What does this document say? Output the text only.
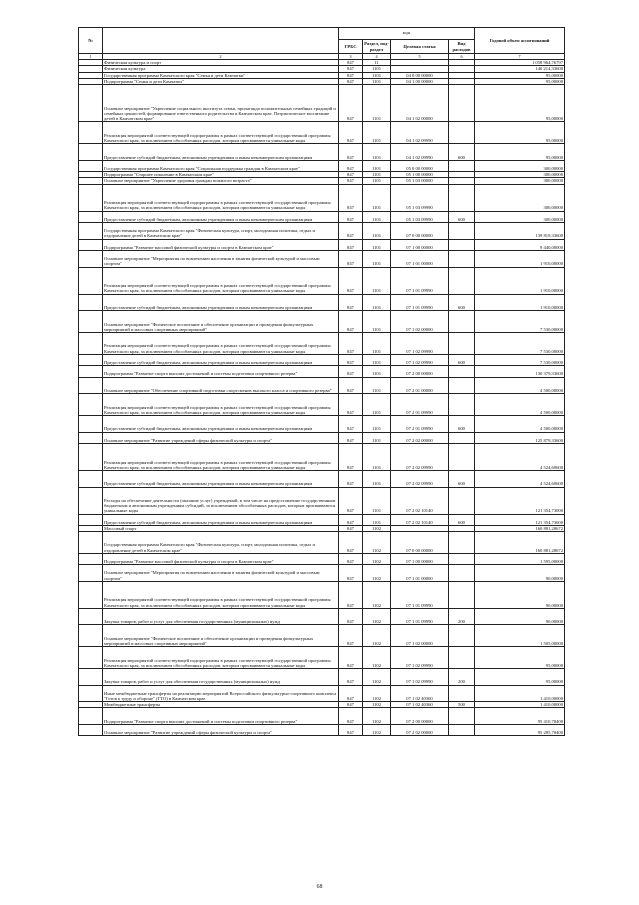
№		коды				Годовой объем ассигнований
		ГРБС	Раздел, под-раздел	Целевая статья	Вид расходов	
1	2	3	4	5	6	7
	Физическая культура и спорт	847	11			1 058 964,76797
	Физическая культура	847	1101			140 214,33600
	Государственная программа Камчатского края "Семья и дети Камчатки"	847	1101	04 0 00 00000		95,00000
	Подпрограмма "Семья и дети Камчатки"	847	1101	04 1 00 00000		95,00000
	Основное мероприятие "Укрепление социального института семьи, пропаганда положительных семейных традиций и семейных ценностей, формирование ответственного родительства в Камчатском крае. Патриотическое воспитание детей в Камчатском крае"	847	1101	04 1 02 00000		95,00000
	Реализация мероприятий соответствующей подпрограммы в рамках соответствующей государственной программы Камчатского края, за исключением обособленных расходов, которым присваиваются уникальные коды	847	1101	04 1 02 09990		95,00000
	Предоставление субсидий бюджетным, автономным учреждениям и иным некоммерческим организациям	847	1101	04 1 02 09990	600	95,00000
	Государственная программа Камчатского края "Социальная поддержка граждан в Камчатском крае"	847	1101	05 0 00 00000		300,00000
	Подпрограмма "Старшее поколение в Камчатском крае"	847	1101	05 1 00 00000		300,00000
	Основное мероприятие "Укрепление здоровья граждан пожилого возраста"	847	1101	05 1 03 00000		300,00000
	Реализация мероприятий соответствующей подпрограммы в рамках соответствующей государственной программы Камчатского края, за исключением обособленных расходов, которым присваиваются уникальные коды	847	1101	05 1 03 09990		300,00000
	Предоставление субсидий бюджетным, автономным учреждениям и иным некоммерческим организациям	847	1101	05 1 03 09990	600	300,00000
	Государственная программа Камчатского края "Физическая культура, спорт, молодежная политика, отдых и оздоровление детей в Камчатском крае"	847	1101	07 0 00 00000		139 819,33600
	Подпрограмма "Развитие массовой физической культуры и спорта в Камчатском крае"	847	1101	07 1 00 00000		9 440,00000
	Основное мероприятие "Мероприятия по вовлечению населения в занятия физической культурой и массовым спортом"	847	1101	07 1 01 00000		1 910,00000
	Реализация мероприятий соответствующей подпрограммы в рамках соответствующей государственной программы Камчатского края, за исключением обособленных расходов, которым присваиваются уникальные коды	847	1101	07 1 01 09990		1 910,00000
	Предоставление субсидий бюджетным, автономным учреждениям и иным некоммерческим организациям	847	1101	07 1 01 09990	600	1 910,00000
	Основное мероприятие "Физическое воспитание и обеспечение организации и проведения физкультурных мероприятий и массовых спортивных мероприятий"	847	1101	07 1 02 00000		7 530,00000
	Реализация мероприятий соответствующей подпрограммы в рамках соответствующей государственной программы Камчатского края, за исключением обособленных расходов, которым присваиваются уникальные коды	847	1101	07 1 02 09990		7 530,00000
	Предоставление субсидий бюджетным, автономным учреждениям и иным некоммерческим организациям	847	1101	07 1 02 09990	600	7 530,00000
	Подпрограмма "Развитие спорта высших достижений и системы подготовки спортивного резерва"	847	1101	07 2 00 00000		130 379,33600
	Основное мероприятие "Обеспечение спортивной подготовки спортсменов высокого класса и спортивного резерва"	847	1101	07 2 01 00000		4 500,00000
	Реализация мероприятий соответствующей подпрограммы в рамках соответствующей государственной программы Камчатского края, за исключением обособленных расходов, которым присваиваются уникальные коды	847	1101	07 2 01 09990		4 500,00000
	Предоставление субсидий бюджетным, автономным учреждениям и иным некоммерческим организациям	847	1101	07 2 01 09990	600	4 500,00000
	Основное мероприятие "Развитие учреждений сферы физической культуры и спорта"	847	1101	07 2 02 00000		125 879,33600
	Реализация мероприятий соответствующей подпрограммы в рамках соответствующей государственной программы Камчатского края, за исключением обособленных расходов, которым присваиваются уникальные коды	847	1101	07 2 02 09990		4 524,60600
	Предоставление субсидий бюджетным, автономным учреждениям и иным некоммерческим организациям	847	1101	07 2 02 09990	600	4 524,60600
	Расходы на обеспечение деятельности (оказание услуг) учреждений, в том числе на предоставление государственным бюджетным и автономным учреждениям субсидий, за исключением обособленных расходов, которым присваиваются уникальные коды	847	1101	07 2 02 10140		121 354,73000
	Предоставление субсидий бюджетным, автономным учреждениям и иным некоммерческим организациям	847	1101	07 2 02 10140	600	121 354,73000
	Массовый спорт	847	1102			160 881,28672
	Государственная программа Камчатского края "Физическая культура, спорт, молодежная политика, отдых и оздоровление детей в Камчатском крае"	847	1102	07 0 00 00000		160 881,28672
	Подпрограмма "Развитие массовой физической культуры и спорта в Камчатском крае"	847	1102	07 1 00 00000		1 595,00000
	Основное мероприятие "Мероприятия по вовлечению населения в занятия физической культурой и массовым спортом"	847	1102	07 1 01 00000		90,00000
	Реализация мероприятий соответствующей подпрограммы в рамках соответствующей государственной программы Камчатского края, за исключением обособленных расходов, которым присваиваются уникальные коды	847	1102	07 1 01 09990		90,00000
	Закупка товаров, работ и услуг для обеспечения государственных (муниципальных) нужд	847	1102	07 1 01 09990	200	90,00000
	Основное мероприятие "Физическое воспитание и обеспечение организации и проведения физкультурных мероприятий и массовых спортивных мероприятий"	847	1102	07 1 02 00000		1 505,00000
	Реализация мероприятий соответствующей подпрограммы в рамках соответствующей государственной программы Камчатского края, за исключением обособленных расходов, которым присваиваются уникальные коды	847	1102	07 1 02 09990		95,00000
	Закупка товаров, работ и услуг для обеспечения государственных (муниципальных) нужд	847	1102	07 1 02 09990	200	95,00000
	Иные межбюджетные трансферты на реализацию мероприятий Всероссийского физкультурно-спортивного комплекса "Готов к труду и обороне" (ГТО) в Камчатском крае	847	1102	07 1 02 40360		1 410,00000
	Межбюджетные трансферты	847	1102	07 1 02 40360	500	1 410,00000
	Подпрограмма "Развитие спорта высших достижений и системы подготовки спортивного резерва"	847	1102	07 2 00 00000		95 410,78400
	Основное мероприятие "Развитие учреждений сферы физической культуры и спорта"	847	1102	07 2 02 00000		95 285,78400
68
